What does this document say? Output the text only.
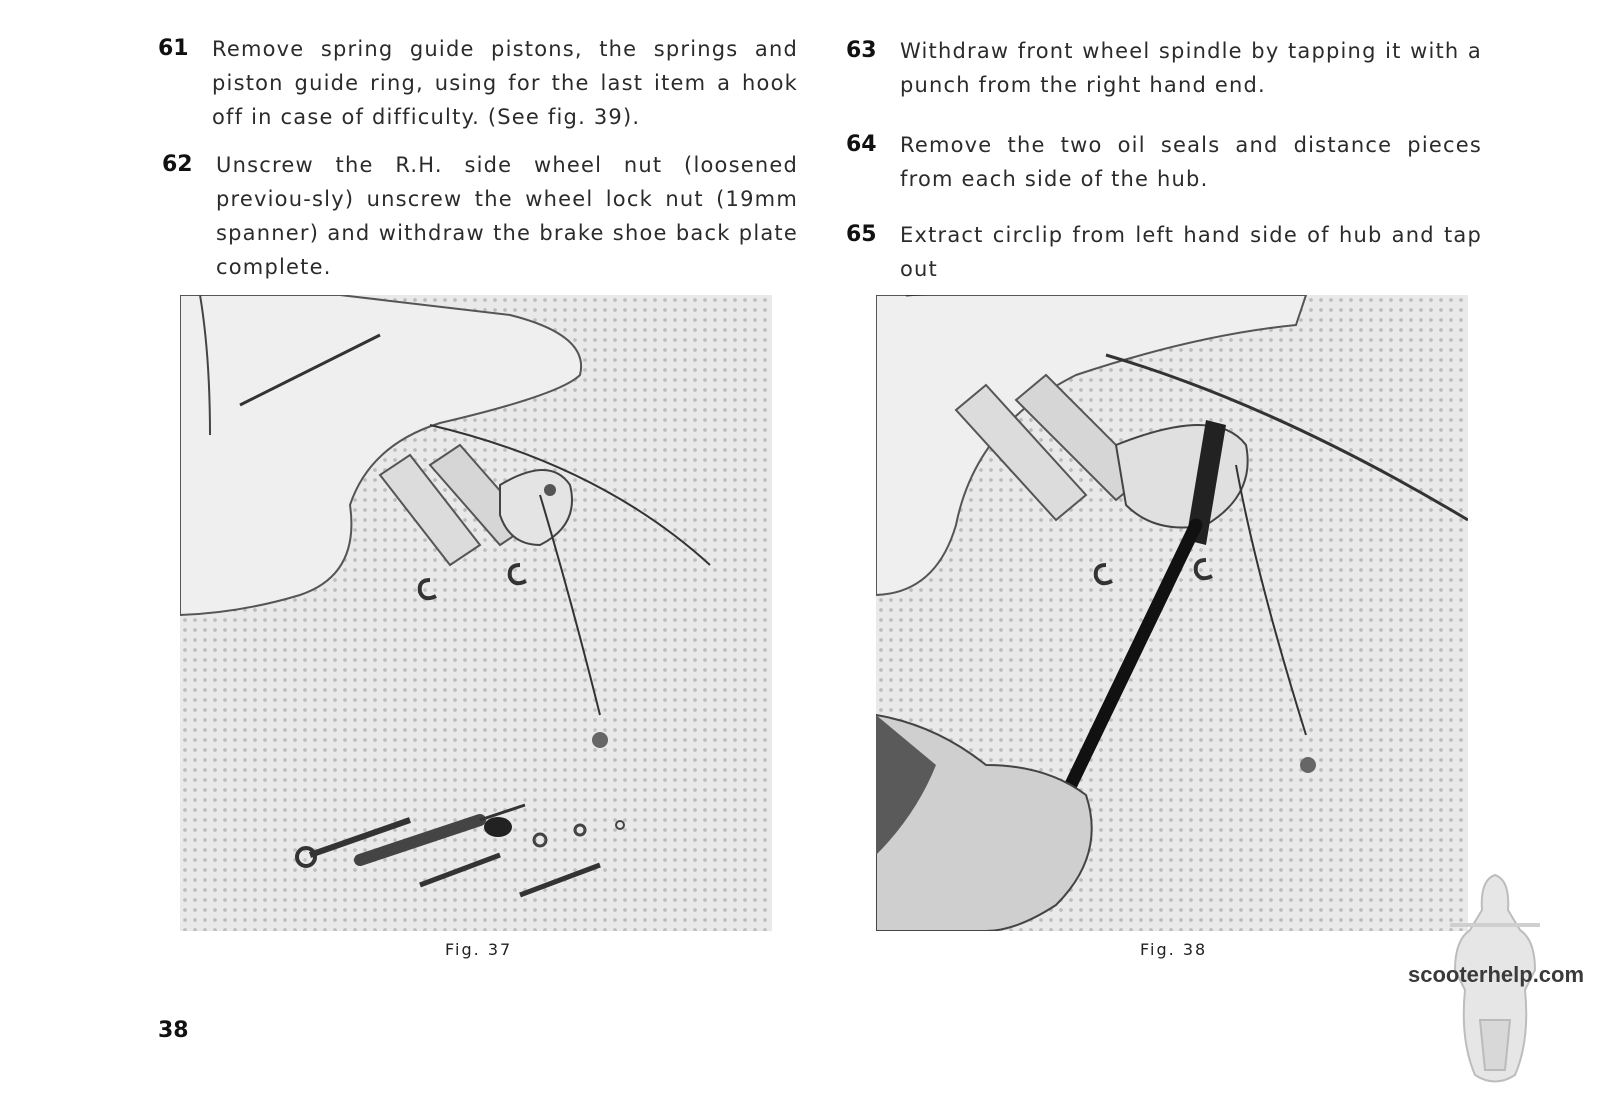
61	Remove spring guide pistons, the springs and piston guide ring, using for the last item a hook off in case of difficulty. (See fig. 39).
62	Unscrew the R.H. side wheel nut (loosened previou-sly) unscrew the wheel lock nut (19mm spanner) and withdraw the brake shoe back plate complete.
63	Withdraw front wheel spindle by tapping it with a punch from the right hand end.
64	Remove the two oil seals and distance pieces from each side of the hub.
65	Extract circlip from left hand side of hub and tap out
Fig. 37	Fig. 38
38
scooterhelp.com
